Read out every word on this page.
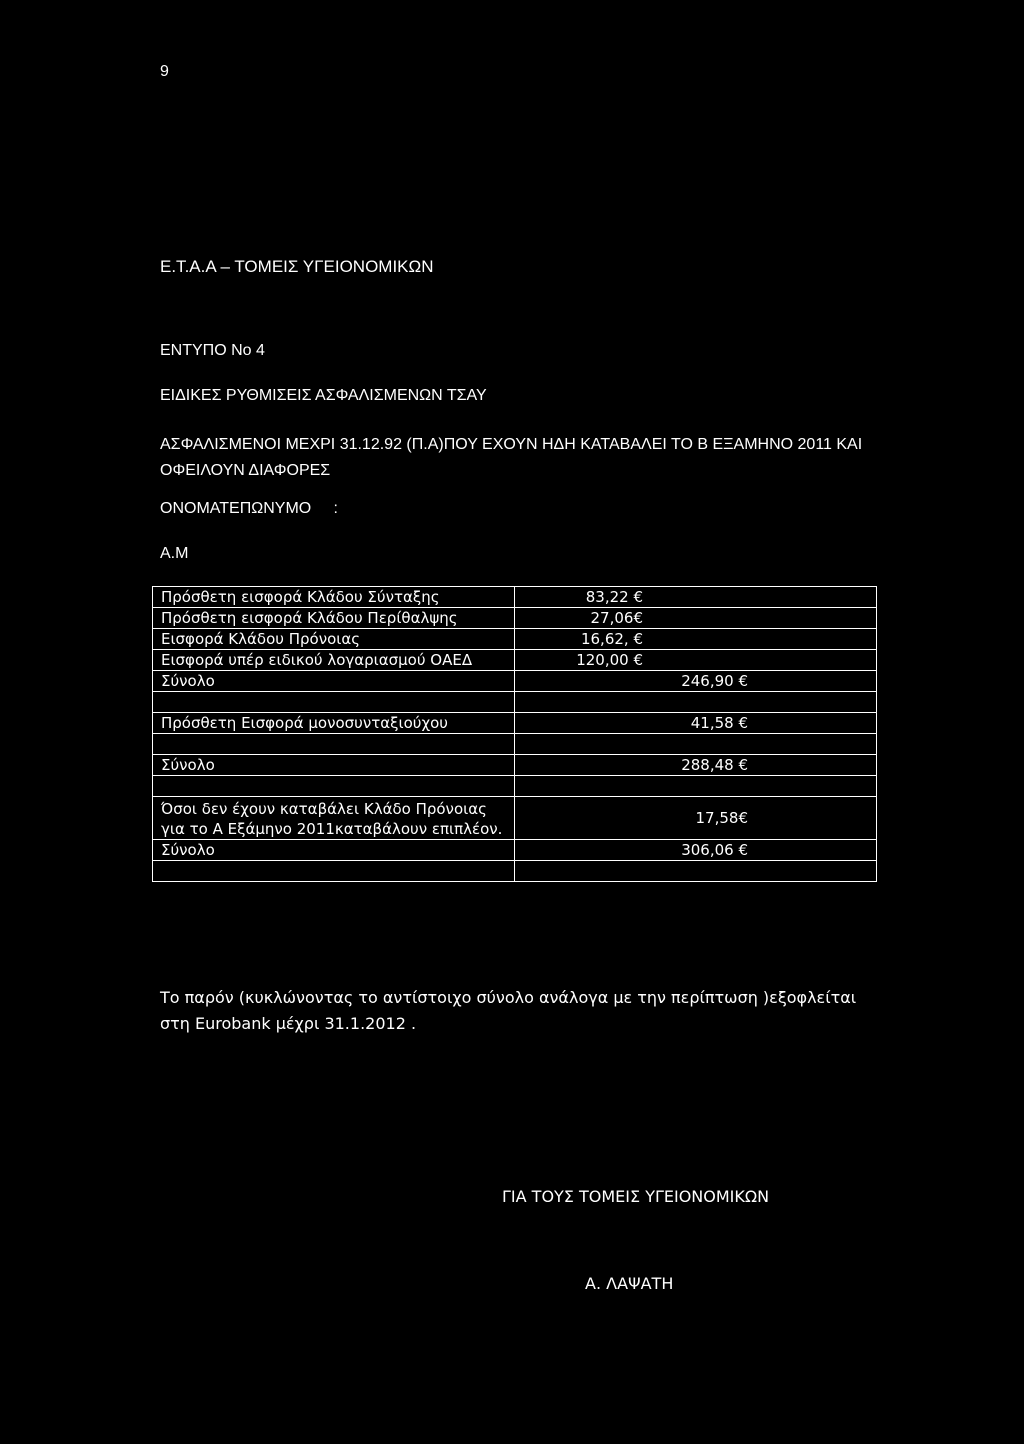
9
Ε.Τ.Α.Α – ΤΟΜΕΙΣ ΥΓΕΙΟΝΟΜΙΚΩΝ
ΕΝΤΥΠΟ Νο 4
ΕΙΔΙΚΕΣ ΡΥΘΜΙΣΕΙΣ ΑΣΦΑΛΙΣΜΕΝΩΝ ΤΣΑΥ
ΑΣΦΑΛΙΣΜΕΝΟΙ ΜΕΧΡΙ 31.12.92 (Π.Α)ΠΟΥ ΕΧΟΥΝ ΗΔΗ ΚΑΤΑΒΑΛΕΙ ΤΟ Β ΕΞΑΜΗΝΟ 2011 ΚΑΙ ΟΦΕΙΛΟΥΝ ΔΙΑΦΟΡΕΣ
ΟΝΟΜΑΤΕΠΩΝΥΜΟ     :
Α.Μ
Πρόσθετη εισφορά Κλάδου Σύνταξης	83,22 €
Πρόσθετη εισφορά Κλάδου Περίθαλψης	27,06€
Εισφορά Κλάδου Πρόνοιας	16,62, €
Εισφορά υπέρ ειδικού λογαριασμού ΟΑΕΔ	120,00 €
Σύνολο	246,90 €

Πρόσθετη Εισφορά μονοσυνταξιούχου	41,58 €

Σύνολο	288,48 €

Όσοι δεν έχουν καταβάλει Κλάδο Πρόνοιας για το Α Εξάμηνο 2011καταβάλουν επιπλέον.	17,58€
Σύνολο	306,06 €

Το παρόν (κυκλώνοντας το αντίστοιχο σύνολο ανάλογα με την περίπτωση )εξοφλείται στη Eurobank μέχρι 31.1.2012 .
ΓΙΑ ΤΟΥΣ ΤΟΜΕΙΣ ΥΓΕΙΟΝΟΜΙΚΩΝ
Α. ΛΑΨΑΤΗ
